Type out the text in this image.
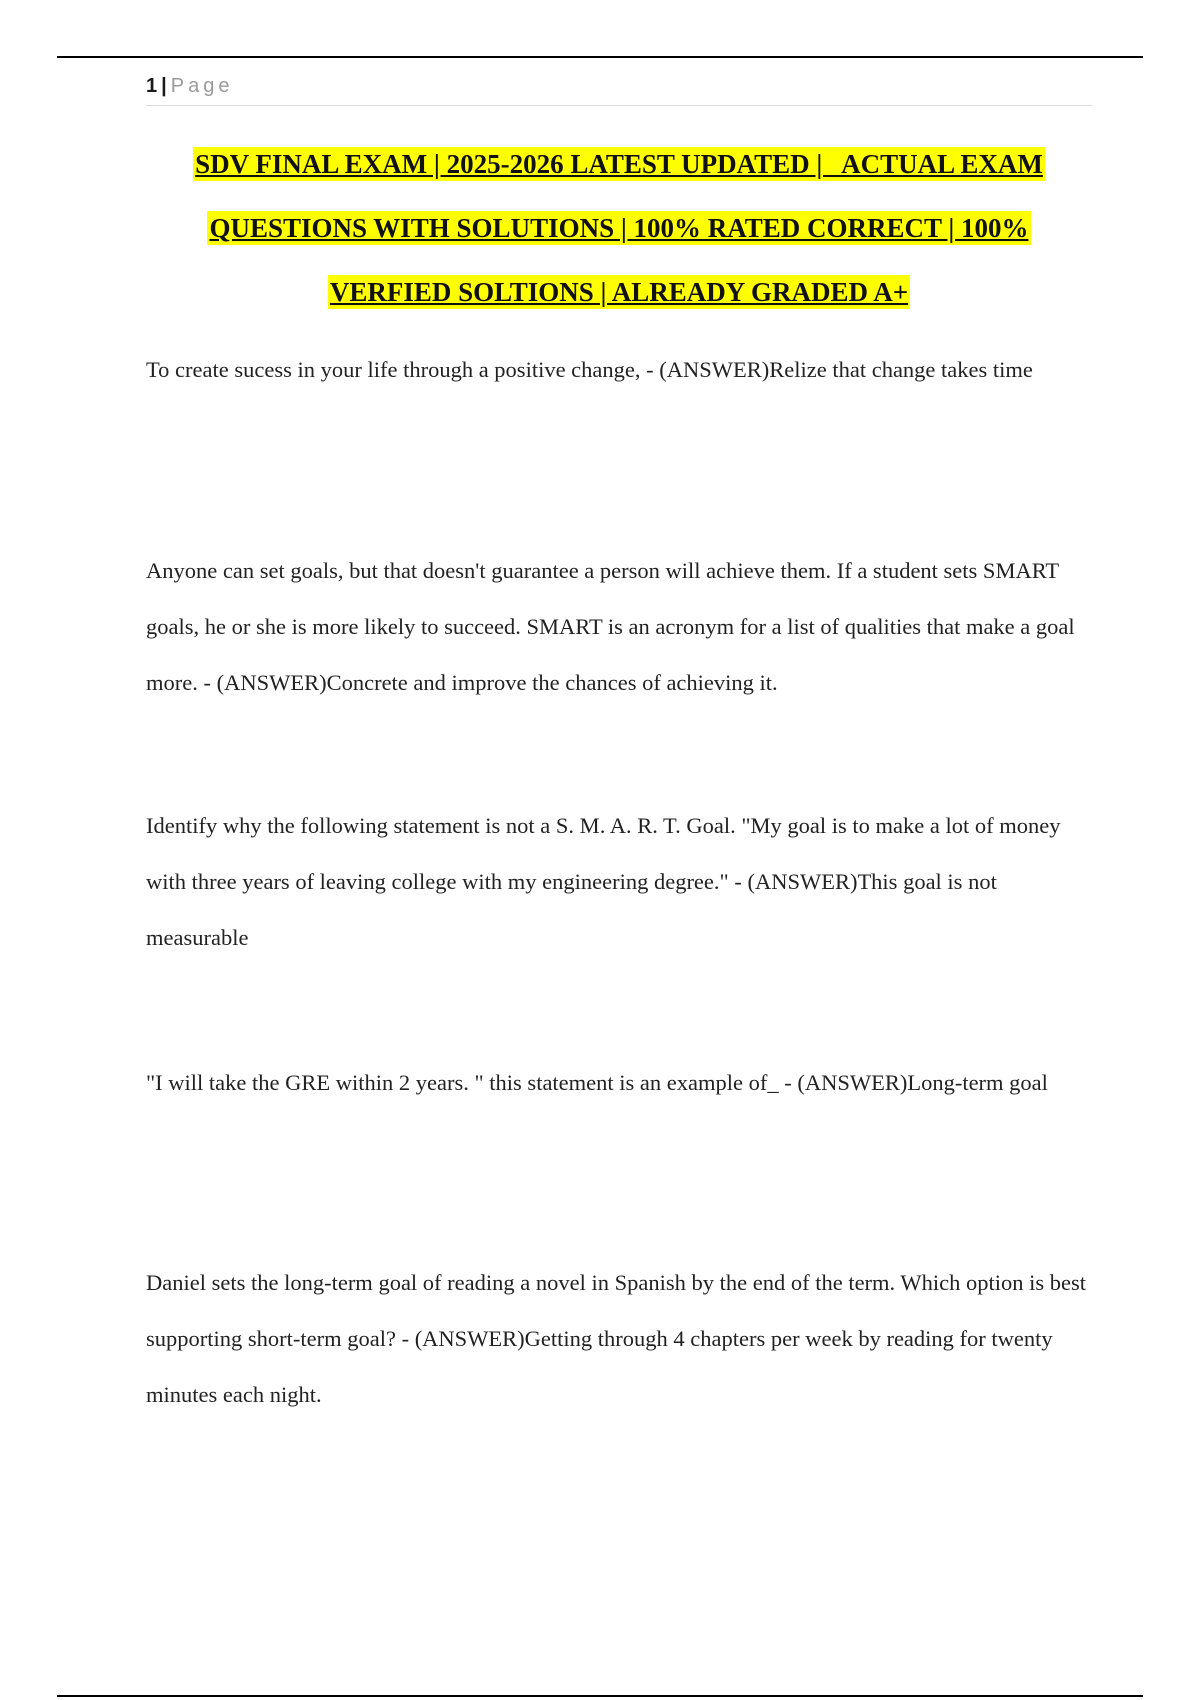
1 | Page
SDV FINAL EXAM | 2025-2026 LATEST UPDATED |   ACTUAL EXAM
QUESTIONS WITH SOLUTIONS | 100% RATED CORRECT | 100%
VERFIED SOLTIONS | ALREADY GRADED A+

To create sucess in your life through a positive change, - (ANSWER)Relize that change takes time

Anyone can set goals, but that doesn't guarantee a person will achieve them. If a student sets SMART goals, he or she is more likely to succeed. SMART is an acronym for a list of qualities that make a goal more. - (ANSWER)Concrete and improve the chances of achieving it.

Identify why the following statement is not a S. M. A. R. T. Goal. "My goal is to make a lot of money with three years of leaving college with my engineering degree." - (ANSWER)This goal is not measurable

"I will take the GRE within 2 years. " this statement is an example of_ - (ANSWER)Long-term goal

Daniel sets the long-term goal of reading a novel in Spanish by the end of the term. Which option is best supporting short-term goal? - (ANSWER)Getting through 4 chapters per week by reading for twenty minutes each night.
